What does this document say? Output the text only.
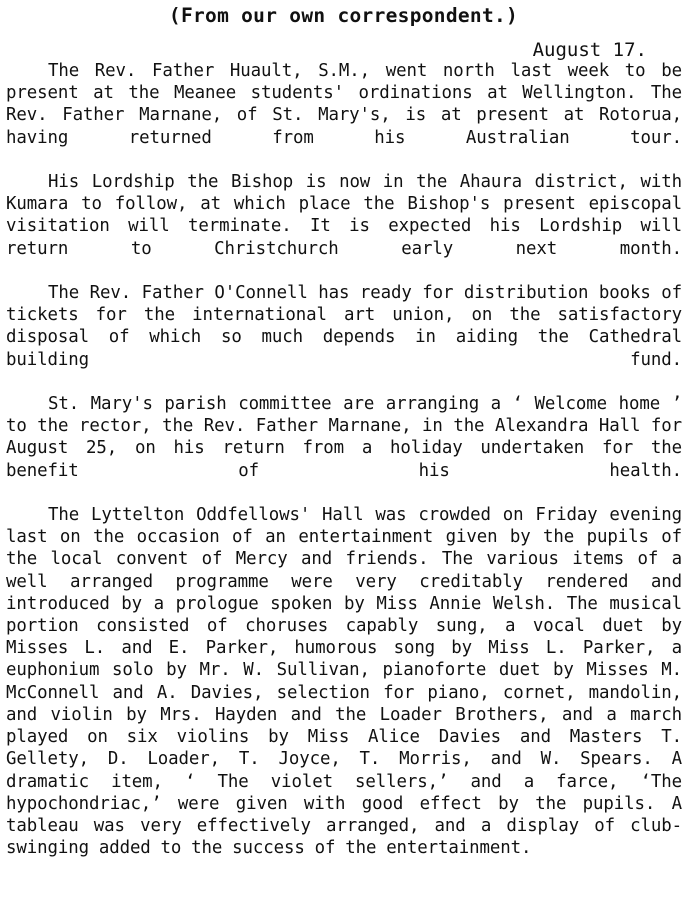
(From our own correspondent.)
August 17.

The Rev. Father Huault, S.M., went north last week to be present at the Meanee students' ordinations at Wellington. The Rev. Father Marnane, of St. Mary's, is at present at Rotorua, having returned from his Australian tour.

His Lordship the Bishop is now in the Ahaura district, with Kumara to follow, at which place the Bishop's present episcopal visitation will terminate. It is expected his Lordship will return to Christchurch early next month.

The Rev. Father O'Connell has ready for distribution books of tickets for the international art union, on the satisfactory disposal of which so much depends in aiding the Cathedral building fund.

St. Mary's parish committee are arranging a ‘ Welcome home ’ to the rector, the Rev. Father Marnane, in the Alexandra Hall for August 25, on his return from a holiday undertaken for the benefit of his health.

The Lyttelton Oddfellows' Hall was crowded on Friday evening last on the occasion of an entertainment given by the pupils of the local convent of Mercy and friends. The various items of a well arranged programme were very creditably rendered and introduced by a prologue spoken by Miss Annie Welsh. The musical portion consisted of choruses capably sung, a vocal duet by Misses L. and E. Parker, humorous song by Miss L. Parker, a euphonium solo by Mr. W. Sullivan, pianoforte duet by Misses M. McConnell and A. Davies, selection for piano, cornet, mandolin, and violin by Mrs. Hayden and the Loader Brothers, and a march played on six violins by Miss Alice Davies and Masters T. Gellety, D. Loader, T. Joyce, T. Morris, and W. Spears. A dramatic item, ‘ The violet sellers,’ and a farce, ‘The hypochondriac,’ were given with good effect by the pupils. A tableau was very effectively arranged, and a display of club-swinging added to the success of the entertainment.
